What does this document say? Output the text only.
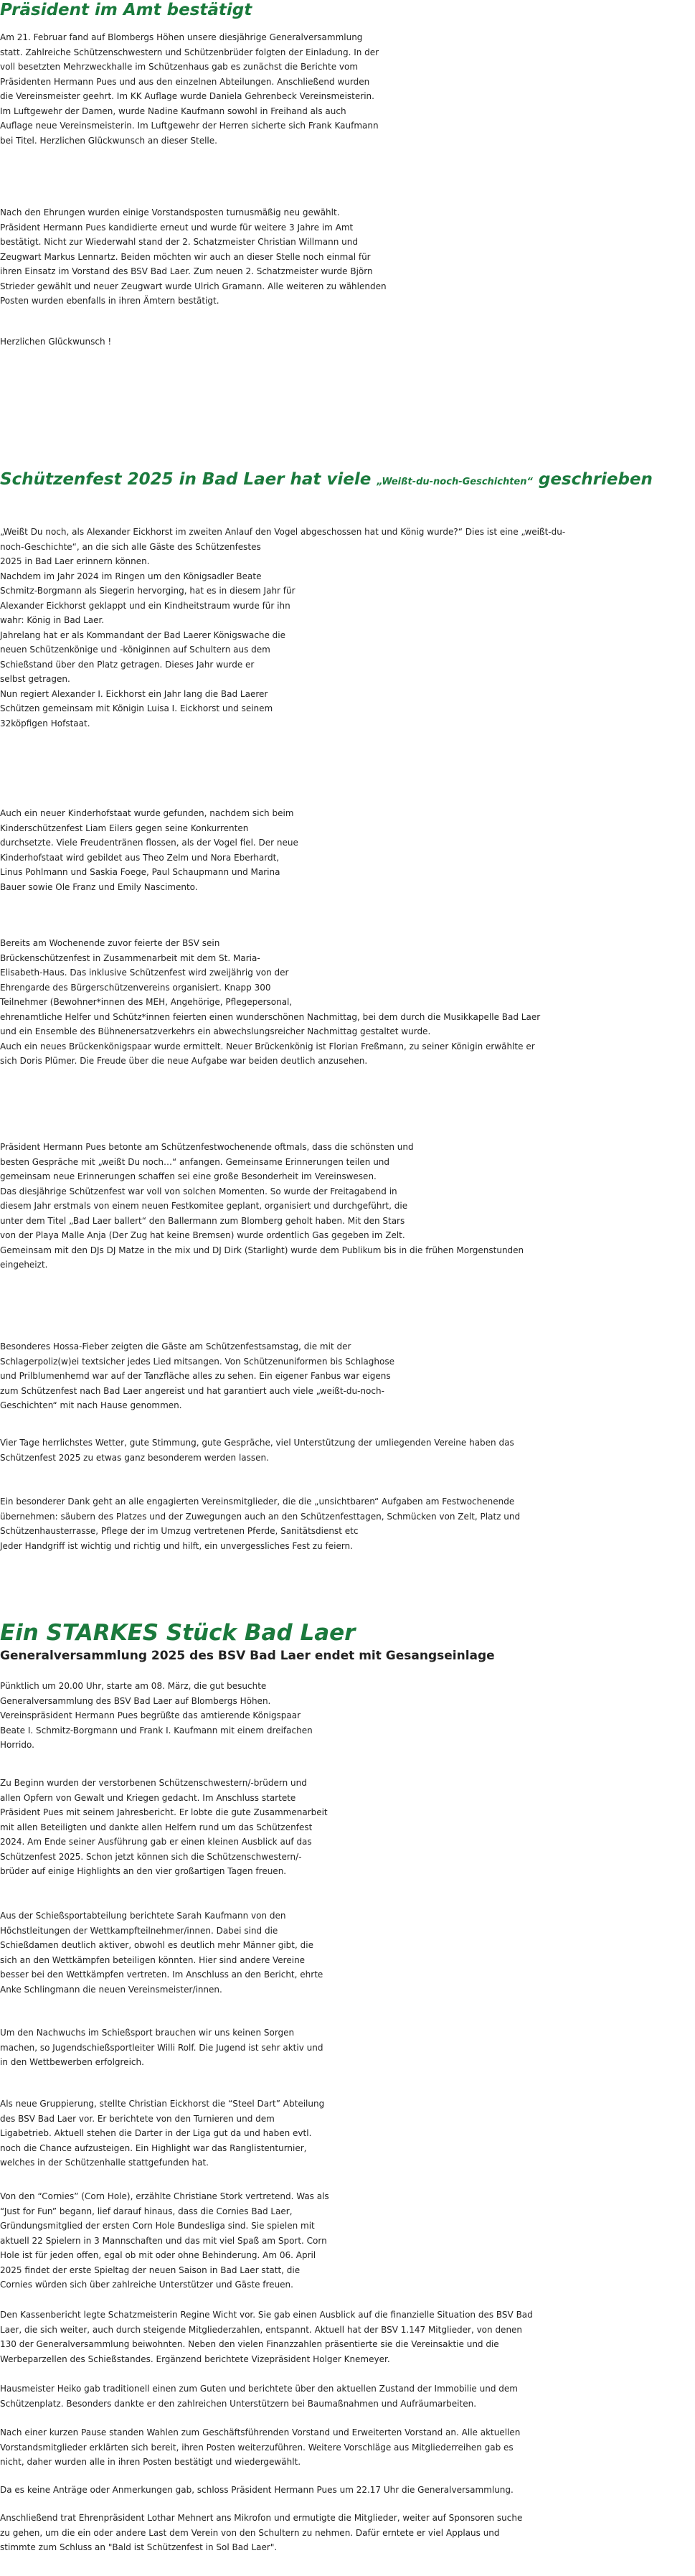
Präsident im Amt bestätigt
Am 21. Februar fand auf Blombergs Höhen unsere diesjährige Generalversammlung
statt. Zahlreiche Schützenschwestern und Schützenbrüder folgten der Einladung. In der
voll besetzten Mehrzweckhalle im Schützenhaus gab es zunächst die Berichte vom
Präsidenten Hermann Pues und aus den einzelnen Abteilungen. Anschließend wurden
die Vereinsmeister geehrt. Im KK Auflage wurde Daniela Gehrenbeck Vereinsmeisterin.
Im Luftgewehr der Damen, wurde Nadine Kaufmann sowohl in Freihand als auch
Auflage neue Vereinsmeisterin. Im Luftgewehr der Herren sicherte sich Frank Kaufmann
bei Titel. Herzlichen Glückwunsch an dieser Stelle.
Nach den Ehrungen wurden einige Vorstandsposten turnusmäßig neu gewählt.
Präsident Hermann Pues kandidierte erneut und wurde für weitere 3 Jahre im Amt
bestätigt. Nicht zur Wiederwahl stand der 2. Schatzmeister Christian Willmann und
Zeugwart Markus Lennartz. Beiden möchten wir auch an dieser Stelle noch einmal für
ihren Einsatz im Vorstand des BSV Bad Laer. Zum neuen 2. Schatzmeister wurde Björn
Strieder gewählt und neuer Zeugwart wurde Ulrich Gramann. Alle weiteren zu wählenden
Posten wurden ebenfalls in ihren Ämtern bestätigt.
Herzlichen Glückwunsch !
Schützenfest 2025 in Bad Laer hat viele „Weißt-du-noch-Geschichten“ geschrieben
„Weißt Du noch, als Alexander Eickhorst im zweiten Anlauf den Vogel abgeschossen hat und König wurde?“ Dies ist eine „weißt-du-
noch-Geschichte“, an die sich alle Gäste des Schützenfestes
2025 in Bad Laer erinnern können.
Nachdem im Jahr 2024 im Ringen um den Königsadler Beate
Schmitz-Borgmann als Siegerin hervorging, hat es in diesem Jahr für
Alexander Eickhorst geklappt und ein Kindheitstraum wurde für ihn
wahr: König in Bad Laer.
Jahrelang hat er als Kommandant der Bad Laerer Königswache die
neuen Schützenkönige und -königinnen auf Schultern aus dem
Schießstand über den Platz getragen. Dieses Jahr wurde er
selbst getragen.
Nun regiert Alexander I. Eickhorst ein Jahr lang die Bad Laerer
Schützen gemeinsam mit Königin Luisa I. Eickhorst und seinem
32köpfigen Hofstaat.
Auch ein neuer Kinderhofstaat wurde gefunden, nachdem sich beim
Kinderschützenfest Liam Eilers gegen seine Konkurrenten
durchsetzte. Viele Freudentränen flossen, als der Vogel fiel. Der neue
Kinderhofstaat wird gebildet aus Theo Zelm und Nora Eberhardt,
Linus Pohlmann und Saskia Foege, Paul Schaupmann und Marina
Bauer sowie Ole Franz und Emily Nascimento.
Bereits am Wochenende zuvor feierte der BSV sein
Brückenschützenfest in Zusammenarbeit mit dem St. Maria-
Elisabeth-Haus. Das inklusive Schützenfest wird zweijährig von der
Ehrengarde des Bürgerschützenvereins organisiert. Knapp 300
Teilnehmer (Bewohner*innen des MEH, Angehörige, Pflegepersonal,
ehrenamtliche Helfer und Schütz*innen feierten einen wunderschönen Nachmittag, bei dem durch die Musikkapelle Bad Laer
und ein Ensemble des Bühnenersatzverkehrs ein abwechslungsreicher Nachmittag gestaltet wurde.
Auch ein neues Brückenkönigspaar wurde ermittelt. Neuer Brückenkönig ist Florian Freßmann, zu seiner Königin erwählte er
sich Doris Plümer. Die Freude über die neue Aufgabe war beiden deutlich anzusehen.
Präsident Hermann Pues betonte am Schützenfestwochenende oftmals, dass die schönsten und
besten Gespräche mit „weißt Du noch…“ anfangen. Gemeinsame Erinnerungen teilen und
gemeinsam neue Erinnerungen schaffen sei eine große Besonderheit im Vereinswesen.
Das diesjährige Schützenfest war voll von solchen Momenten. So wurde der Freitagabend in
diesem Jahr erstmals von einem neuen Festkomitee geplant, organisiert und durchgeführt, die
unter dem Titel „Bad Laer ballert“ den Ballermann zum Blomberg geholt haben. Mit den Stars
von der Playa Malle Anja (Der Zug hat keine Bremsen) wurde ordentlich Gas gegeben im Zelt.
Gemeinsam mit den DJs DJ Matze in the mix und DJ Dirk (Starlight) wurde dem Publikum bis in die frühen Morgenstunden
eingeheizt.
Besonderes Hossa-Fieber zeigten die Gäste am Schützenfestsamstag, die mit der
Schlagerpoliz(w)ei textsicher jedes Lied mitsangen. Von Schützenuniformen bis Schlaghose
und Prilblumenhemd war auf der Tanzfläche alles zu sehen. Ein eigener Fanbus war eigens
zum Schützenfest nach Bad Laer angereist und hat garantiert auch viele „weißt-du-noch-
Geschichten“ mit nach Hause genommen.
Vier Tage herrlichstes Wetter, gute Stimmung, gute Gespräche, viel Unterstützung der umliegenden Vereine haben das
Schützenfest 2025 zu etwas ganz besonderem werden lassen.
Ein besonderer Dank geht an alle engagierten Vereinsmitglieder, die die „unsichtbaren“ Aufgaben am Festwochenende
übernehmen: säubern des Platzes und der Zuwegungen auch an den Schützenfesttagen, Schmücken von Zelt, Platz und
Schützenhausterrasse, Pflege der im Umzug vertretenen Pferde, Sanitätsdienst etc
Jeder Handgriff ist wichtig und richtig und hilft, ein unvergessliches Fest zu feiern.
Ein STARKES Stück Bad Laer
Generalversammlung 2025 des BSV Bad Laer endet mit Gesangseinlage
Pünktlich um 20.00 Uhr, starte am 08. März, die gut besuchte
Generalversammlung des BSV Bad Laer auf Blombergs Höhen.
Vereinspräsident Hermann Pues begrüßte das amtierende Königspaar
Beate I. Schmitz-Borgmann und Frank I. Kaufmann mit einem dreifachen
Horrido.
Zu Beginn wurden der verstorbenen Schützenschwestern/-brüdern und
allen Opfern von Gewalt und Kriegen gedacht. Im Anschluss startete
Präsident Pues mit seinem Jahresbericht. Er lobte die gute Zusammenarbeit
mit allen Beteiligten und dankte allen Helfern rund um das Schützenfest
2024. Am Ende seiner Ausführung gab er einen kleinen Ausblick auf das
Schützenfest 2025. Schon jetzt können sich die Schützenschwestern/-
brüder auf einige Highlights an den vier großartigen Tagen freuen.
Aus der Schießsportabteilung berichtete Sarah Kaufmann von den
Höchstleitungen der Wettkampfteilnehmer/innen. Dabei sind die
Schießdamen deutlich aktiver, obwohl es deutlich mehr Männer gibt, die
sich an den Wettkämpfen beteiligen könnten. Hier sind andere Vereine
besser bei den Wettkämpfen vertreten. Im Anschluss an den Bericht, ehrte
Anke Schlingmann die neuen Vereinsmeister/innen.
Um den Nachwuchs im Schießsport brauchen wir uns keinen Sorgen
machen, so Jugendschießsportleiter Willi Rolf. Die Jugend ist sehr aktiv und
in den Wettbewerben erfolgreich.
Als neue Gruppierung, stellte Christian Eickhorst die “Steel Dart” Abteilung
des BSV Bad Laer vor. Er berichtete von den Turnieren und dem
Ligabetrieb. Aktuell stehen die Darter in der Liga gut da und haben evtl.
noch die Chance aufzusteigen. Ein Highlight war das Ranglistenturnier,
welches in der Schützenhalle stattgefunden hat.
Von den “Cornies” (Corn Hole), erzählte Christiane Stork vertretend. Was als
“Just for Fun” begann, lief darauf hinaus, dass die Cornies Bad Laer,
Gründungsmitglied der ersten Corn Hole Bundesliga sind. Sie spielen mit
aktuell 22 Spielern in 3 Mannschaften und das mit viel Spaß am Sport. Corn
Hole ist für jeden offen, egal ob mit oder ohne Behinderung. Am 06. April
2025 findet der erste Spieltag der neuen Saison in Bad Laer statt, die
Cornies würden sich über zahlreiche Unterstützer und Gäste freuen.
Den Kassenbericht legte Schatzmeisterin Regine Wicht vor. Sie gab einen Ausblick auf die finanzielle Situation des BSV Bad
Laer, die sich weiter, auch durch steigende Mitgliederzahlen, entspannt. Aktuell hat der BSV 1.147 Mitglieder, von denen
130 der Generalversammlung beiwohnten. Neben den vielen Finanzzahlen präsentierte sie die Vereinsaktie und die
Werbeparzellen des Schießstandes. Ergänzend berichtete Vizepräsident Holger Knemeyer.
Hausmeister Heiko gab traditionell einen zum Guten und berichtete über den aktuellen Zustand der Immobilie und dem
Schützenplatz. Besonders dankte er den zahlreichen Unterstützern bei Baumaßnahmen und Aufräumarbeiten.
Nach einer kurzen Pause standen Wahlen zum Geschäftsführenden Vorstand und Erweiterten Vorstand an. Alle aktuellen
Vorstandsmitglieder erklärten sich bereit, ihren Posten weiterzuführen. Weitere Vorschläge aus Mitgliederreihen gab es
nicht, daher wurden alle in ihren Posten bestätigt und wiedergewählt.
Da es keine Anträge oder Anmerkungen gab, schloss Präsident Hermann Pues um 22.17 Uhr die Generalversammlung.
Anschließend trat Ehrenpräsident Lothar Mehnert ans Mikrofon und ermutigte die Mitglieder, weiter auf Sponsoren suche
zu gehen, um die ein oder andere Last dem Verein von den Schultern zu nehmen. Dafür erntete er viel Applaus und
stimmte zum Schluss an "Bald ist Schützenfest in Sol Bad Laer".
